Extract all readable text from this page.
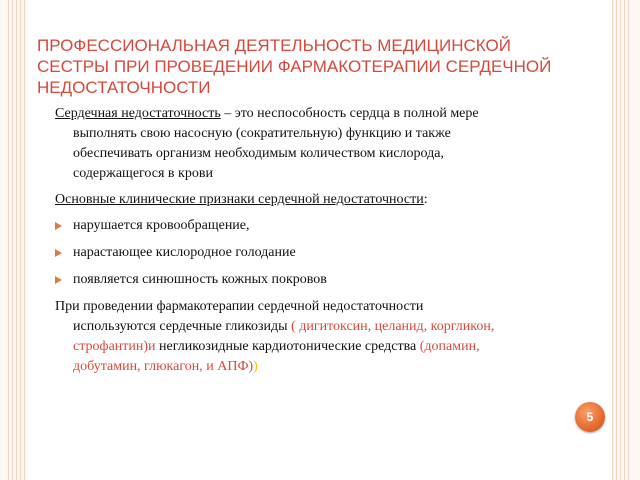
ПРОФЕССИОНАЛЬНАЯ ДЕЯТЕЛЬНОСТЬ МЕДИЦИНСКОЙ СЕСТРЫ ПРИ ПРОВЕДЕНИИ ФАРМАКОТЕРАПИИ СЕРДЕЧНОЙ НЕДОСТАТОЧНОСТИ

Сердечная недостаточность – это неспособность сердца в полной мере выполнять свою насосную (сократительную) функцию и также обеспечивать организм необходимым количеством кислорода, содержащегося в крови

Основные клинические признаки сердечной недостаточности:

нарушается кровообращение,
нарастающее кислородное голодание
появляется синюшность кожных покровов

При проведении фармакотерапии сердечной недостаточности используются сердечные гликозиды ( дигитоксин, целанид, коргликон, строфантин)и негликозидные кардиотонические средства (допамин, добутамин, глюкагон, и АПФ))

5
